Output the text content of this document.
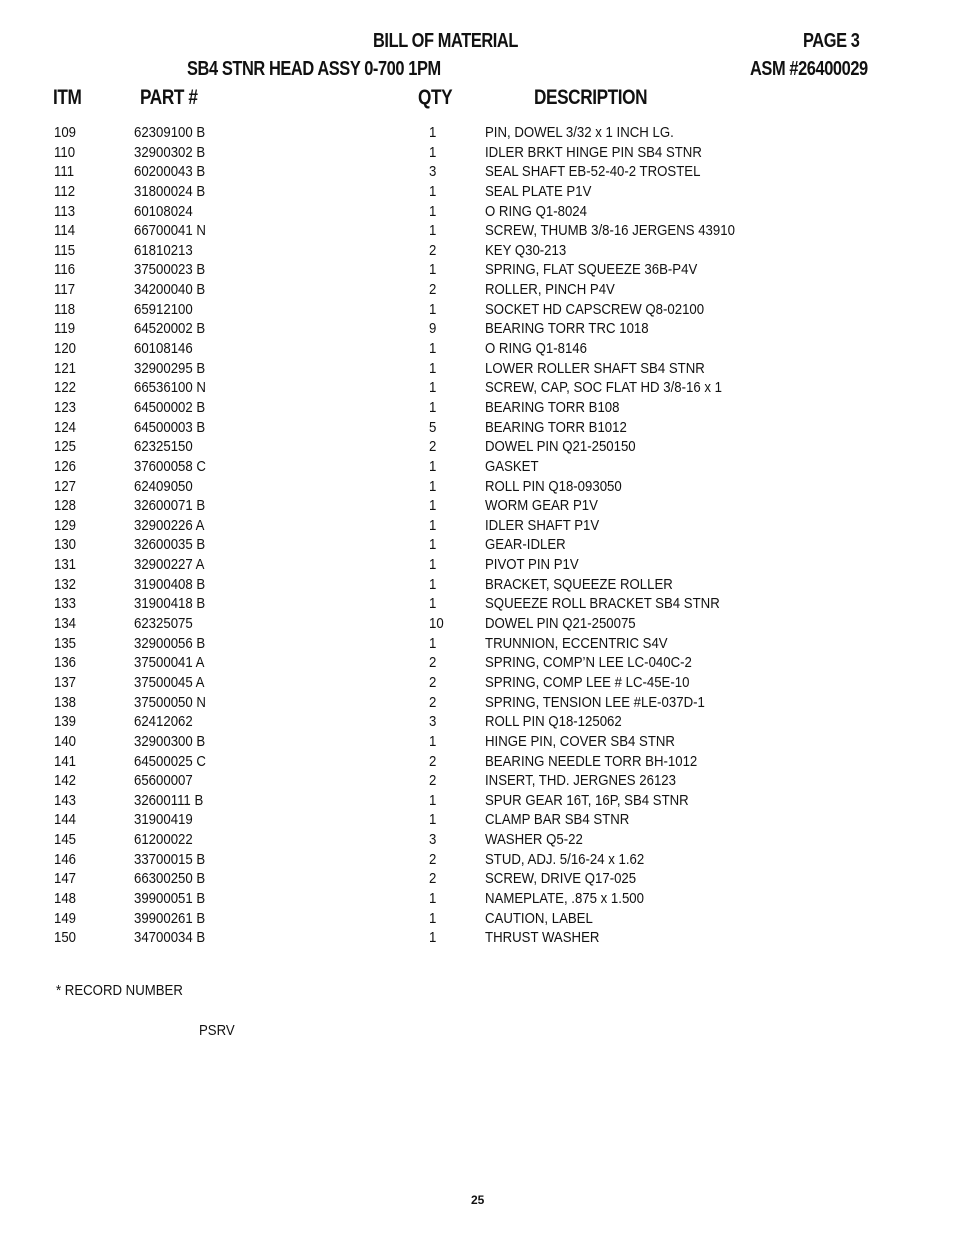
BILL OF MATERIAL
SB4 STNR HEAD ASSY 0-700 1PM
PAGE 3
ASM #26400029
ITM	PART #	QTY	DESCRIPTION
109	62309100 B	1	PIN, DOWEL 3/32 x 1 INCH LG.
110	32900302 B	1	IDLER BRKT HINGE PIN SB4 STNR
111	60200043 B	3	SEAL SHAFT EB-52-40-2 TROSTEL
112	31800024 B	1	SEAL PLATE P1V
113	60108024	1	O RING Q1-8024
114	66700041 N	1	SCREW, THUMB 3/8-16 JERGENS 43910
115	61810213	2	KEY Q30-213
116	37500023 B	1	SPRING, FLAT SQUEEZE 36B-P4V
117	34200040 B	2	ROLLER, PINCH P4V
118	65912100	1	SOCKET HD CAPSCREW Q8-02100
119	64520002 B	9	BEARING TORR TRC 1018
120	60108146	1	O RING Q1-8146
121	32900295 B	1	LOWER ROLLER SHAFT SB4 STNR
122	66536100 N	1	SCREW, CAP, SOC FLAT HD 3/8-16 x 1
123	64500002 B	1	BEARING TORR B108
124	64500003 B	5	BEARING TORR B1012
125	62325150	2	DOWEL PIN Q21-250150
126	37600058 C	1	GASKET
127	62409050	1	ROLL PIN Q18-093050
128	32600071 B	1	WORM GEAR P1V
129	32900226 A	1	IDLER SHAFT P1V
130	32600035 B	1	GEAR-IDLER
131	32900227 A	1	PIVOT PIN P1V
132	31900408 B	1	BRACKET, SQUEEZE ROLLER
133	31900418 B	1	SQUEEZE ROLL BRACKET SB4 STNR
134	62325075	10	DOWEL PIN Q21-250075
135	32900056 B	1	TRUNNION, ECCENTRIC S4V
136	37500041 A	2	SPRING, COMP’N LEE LC-040C-2
137	37500045 A	2	SPRING, COMP LEE # LC-45E-10
138	37500050 N	2	SPRING, TENSION LEE #LE-037D-1
139	62412062	3	ROLL PIN Q18-125062
140	32900300 B	1	HINGE PIN, COVER SB4 STNR
141	64500025 C	2	BEARING NEEDLE TORR BH-1012
142	65600007	2	INSERT, THD. JERGNES 26123
143	32600111 B	1	SPUR GEAR 16T, 16P, SB4 STNR
144	31900419	1	CLAMP BAR SB4 STNR
145	61200022	3	WASHER Q5-22
146	33700015 B	2	STUD, ADJ. 5/16-24 x 1.62
147	66300250 B	2	SCREW, DRIVE Q17-025
148	39900051 B	1	NAMEPLATE, .875 x 1.500
149	39900261 B	1	CAUTION, LABEL
150	34700034 B	1	THRUST WASHER
* RECORD NUMBER
PSRV
25
